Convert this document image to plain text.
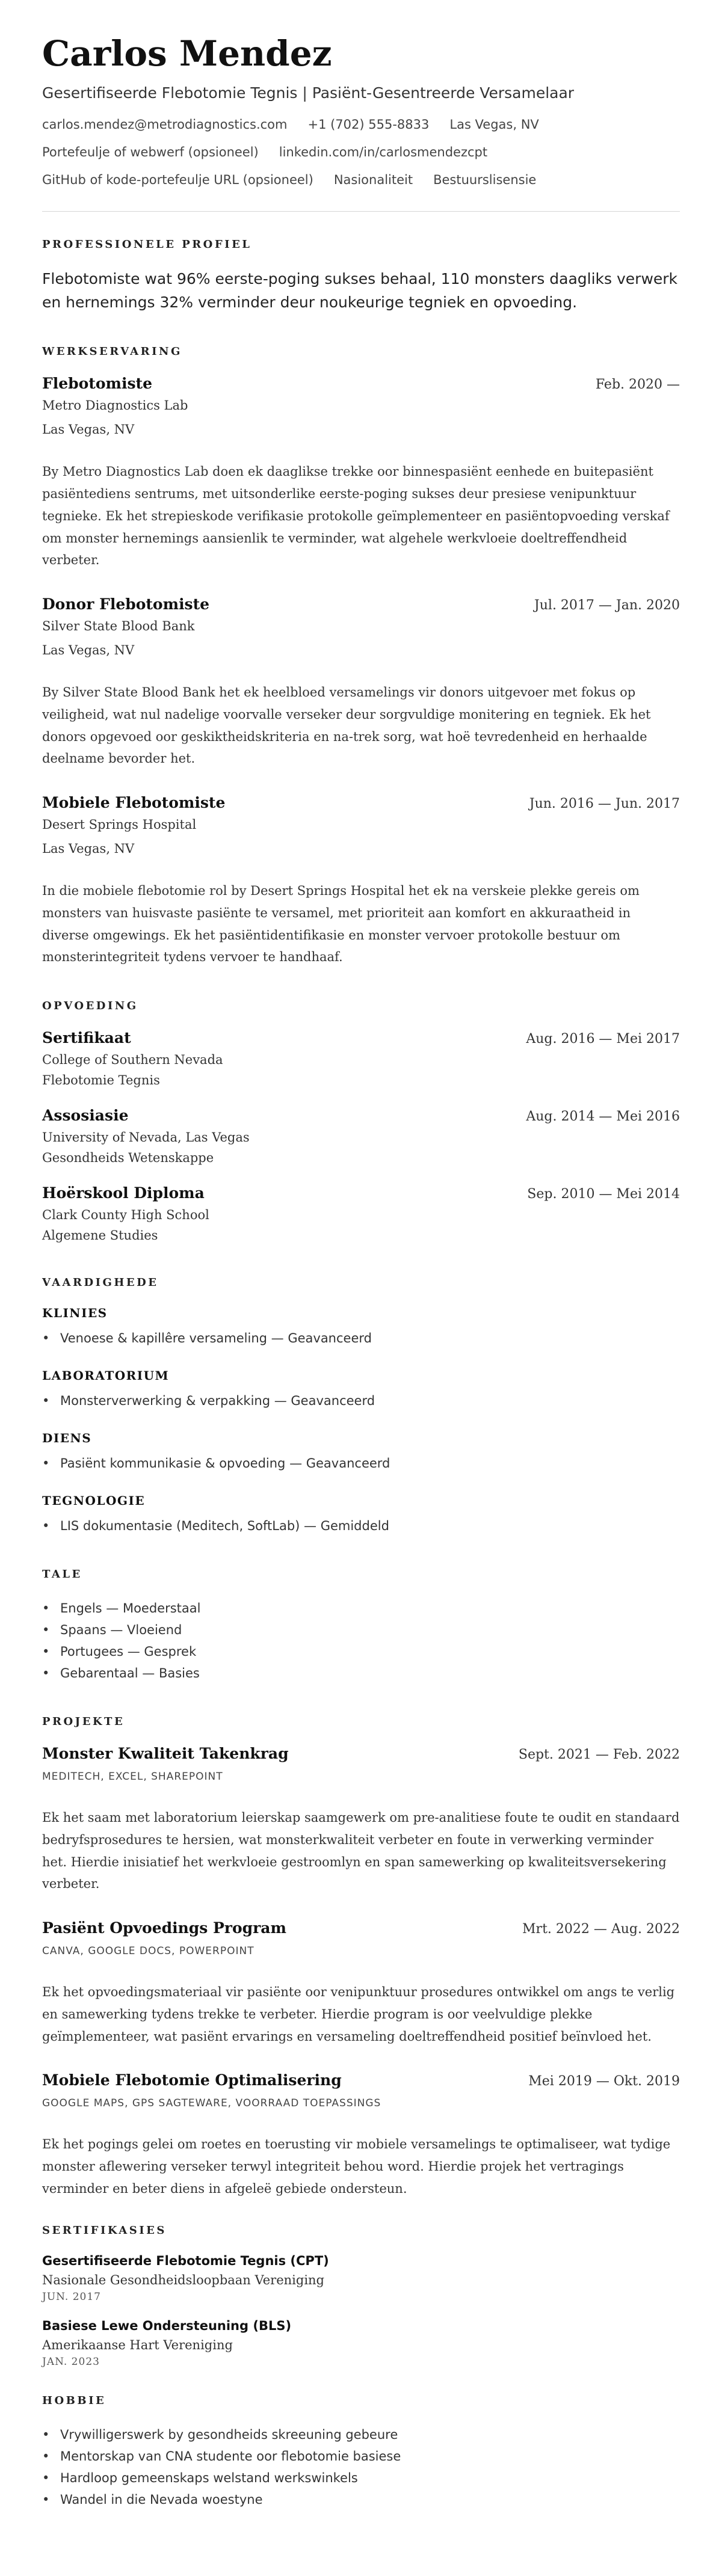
Carlos Mendez
Gesertifiseerde Flebotomie Tegnis | Pasiënt-Gesentreerde Versamelaar
carlos.mendez@metrodiagnostics.com +1 (702) 555-8833 Las Vegas, NV
Portefeulje of webwerf (opsioneel) linkedin.com/in/carlosmendezcpt
GitHub of kode-portefeulje URL (opsioneel) Nasionaliteit Bestuurslisensie
PROFESSIONELE PROFIEL

Flebotomiste wat 96% eerste-poging sukses behaal, 110 monsters daagliks verwerk en hernemings 32% verminder deur noukeurige tegniek en opvoeding.

WERKSERVARING
Flebotomiste	Feb. 2020 —
Metro Diagnostics Lab
Las Vegas, NV

By Metro Diagnostics Lab doen ek daaglikse trekke oor binnespasiënt eenhede en buitepasiënt pasiëntediens sentrums, met uitsonderlike eerste-poging sukses deur presiese venipunktuur tegnieke. Ek het strepieskode verifikasie protokolle geïmplementeer en pasiëntopvoeding verskaf om monster hernemings aansienlik te verminder, wat algehele werkvloeie doeltreffendheid verbeter.

Donor Flebotomiste	Jul. 2017 — Jan. 2020
Silver State Blood Bank
Las Vegas, NV

By Silver State Blood Bank het ek heelbloed versamelings vir donors uitgevoer met fokus op veiligheid, wat nul nadelige voorvalle verseker deur sorgvuldige monitering en tegniek. Ek het donors opgevoed oor geskiktheidskriteria en na-trek sorg, wat hoë tevredenheid en herhaalde deelname bevorder het.

Mobiele Flebotomiste	Jun. 2016 — Jun. 2017
Desert Springs Hospital
Las Vegas, NV

In die mobiele flebotomie rol by Desert Springs Hospital het ek na verskeie plekke gereis om monsters van huisvaste pasiënte te versamel, met prioriteit aan komfort en akkuraatheid in diverse omgewings. Ek het pasiëntidentifikasie en monster vervoer protokolle bestuur om monsterintegriteit tydens vervoer te handhaaf.

OPVOEDING
Sertifikaat	Aug. 2016 — Mei 2017
College of Southern Nevada
Flebotomie Tegnis
Assosiasie	Aug. 2014 — Mei 2016
University of Nevada, Las Vegas
Gesondheids Wetenskappe
Hoërskool Diploma	Sep. 2010 — Mei 2014
Clark County High School
Algemene Studies
VAARDIGHEDE
KLINIES
• Venoese & kapillêre versameling — Geavanceerd
LABORATORIUM
• Monsterverwerking & verpakking — Geavanceerd
DIENS
• Pasiënt kommunikasie & opvoeding — Geavanceerd
TEGNOLOGIE
• LIS dokumentasie (Meditech, SoftLab) — Gemiddeld
TALE
• Engels — Moederstaal
• Spaans — Vloeiend
• Portugees — Gesprek
• Gebarentaal — Basies
PROJEKTE
Monster Kwaliteit Takenkrag	Sept. 2021 — Feb. 2022
MEDITECH, EXCEL, SHAREPOINT

Ek het saam met laboratorium leierskap saamgewerk om pre-analitiese foute te oudit en standaard bedryfsprosedures te hersien, wat monsterkwaliteit verbeter en foute in verwerking verminder het. Hierdie inisiatief het werkvloeie gestroomlyn en span samewerking op kwaliteitsversekering verbeter.

Pasiënt Opvoedings Program	Mrt. 2022 — Aug. 2022
CANVA, GOOGLE DOCS, POWERPOINT

Ek het opvoedingsmateriaal vir pasiënte oor venipunktuur prosedures ontwikkel om angs te verlig en samewerking tydens trekke te verbeter. Hierdie program is oor veelvuldige plekke geïmplementeer, wat pasiënt ervarings en versameling doeltreffendheid positief beïnvloed het.

Mobiele Flebotomie Optimalisering	Mei 2019 — Okt. 2019
GOOGLE MAPS, GPS SAGTEWARE, VOORRAAD TOEPASSINGS

Ek het pogings gelei om roetes en toerusting vir mobiele versamelings te optimaliseer, wat tydige monster aflewering verseker terwyl integriteit behou word. Hierdie projek het vertragings verminder en beter diens in afgeleë gebiede ondersteun.

SERTIFIKASIES
Gesertifiseerde Flebotomie Tegnis (CPT)
Nasionale Gesondheidsloopbaan Vereniging
JUN. 2017
Basiese Lewe Ondersteuning (BLS)
Amerikaanse Hart Vereniging
JAN. 2023
HOBBIE
• Vrywilligerswerk by gesondheids skreeuning gebeure
• Mentorskap van CNA studente oor flebotomie basiese
• Hardloop gemeenskaps welstand werkswinkels
• Wandel in die Nevada woestyne
